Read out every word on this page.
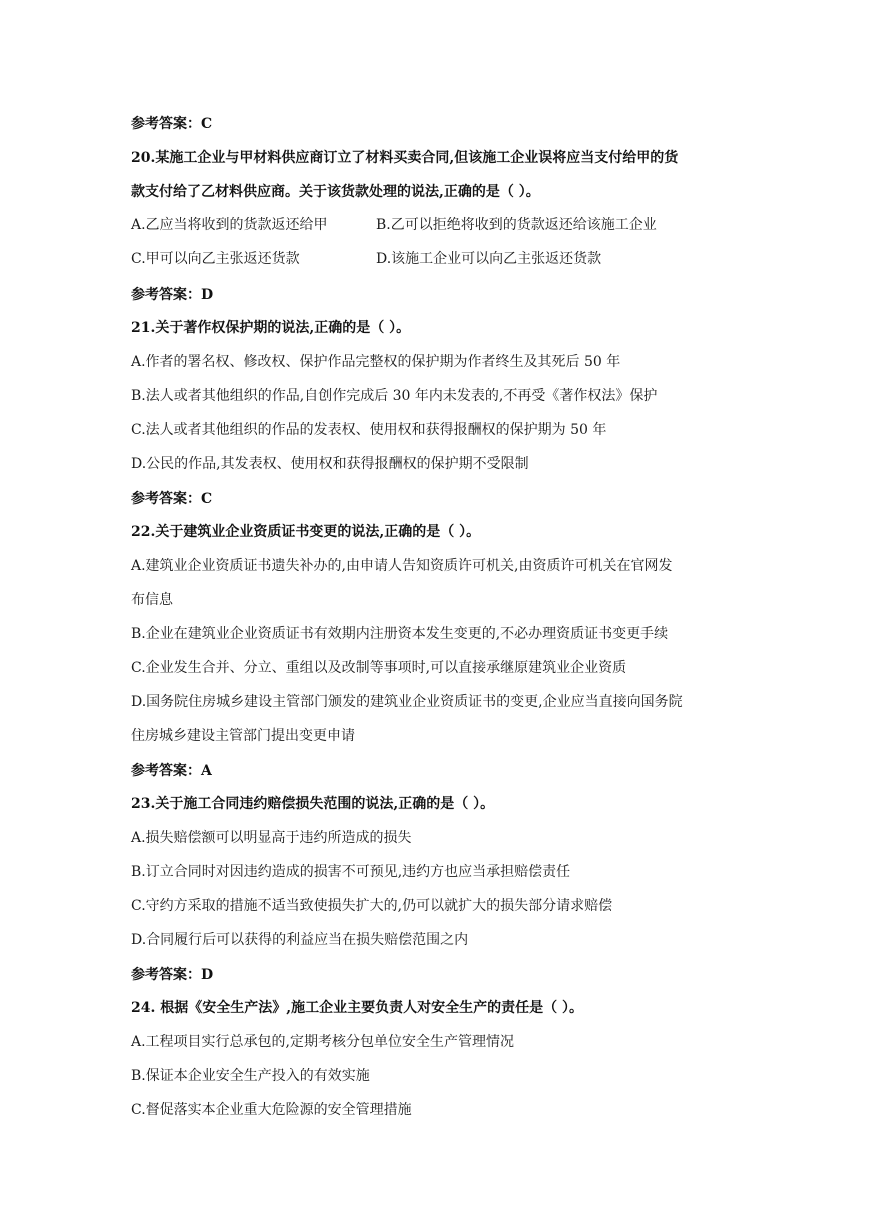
参考答案：C
20.某施工企业与甲材料供应商订立了材料买卖合同,但该施工企业误将应当支付给甲的货
款支付给了乙材料供应商。关于该货款处理的说法,正确的是（ ）。
A.乙应当将收到的货款返还给甲	B.乙可以拒绝将收到的货款返还给该施工企业
C.甲可以向乙主张返还货款	D.该施工企业可以向乙主张返还货款
参考答案：D
21.关于著作权保护期的说法,正确的是（ ）。
A.作者的署名权、修改权、保护作品完整权的保护期为作者终生及其死后 50 年
B.法人或者其他组织的作品,自创作完成后 30 年内未发表的,不再受《著作权法》保护
C.法人或者其他组织的作品的发表权、使用权和获得报酬权的保护期为 50 年
D.公民的作品,其发表权、使用权和获得报酬权的保护期不受限制
参考答案：C
22.关于建筑业企业资质证书变更的说法,正确的是（ ）。
A.建筑业企业资质证书遗失补办的,由申请人告知资质许可机关,由资质许可机关在官网发
布信息
B.企业在建筑业企业资质证书有效期内注册资本发生变更的,不必办理资质证书变更手续
C.企业发生合并、分立、重组以及改制等事项时,可以直接承继原建筑业企业资质
D.国务院住房城乡建设主管部门颁发的建筑业企业资质证书的变更,企业应当直接向国务院
住房城乡建设主管部门提出变更申请
参考答案：A
23.关于施工合同违约赔偿损失范围的说法,正确的是（ ）。
A.损失赔偿额可以明显高于违约所造成的损失
B.订立合同时对因违约造成的损害不可预见,违约方也应当承担赔偿责任
C.守约方采取的措施不适当致使损失扩大的,仍可以就扩大的损失部分请求赔偿
D.合同履行后可以获得的利益应当在损失赔偿范围之内
参考答案：D
24. 根据《安全生产法》,施工企业主要负责人对安全生产的责任是（ ）。
A.工程项目实行总承包的,定期考核分包单位安全生产管理情况
B.保证本企业安全生产投入的有效实施
C.督促落实本企业重大危险源的安全管理措施
